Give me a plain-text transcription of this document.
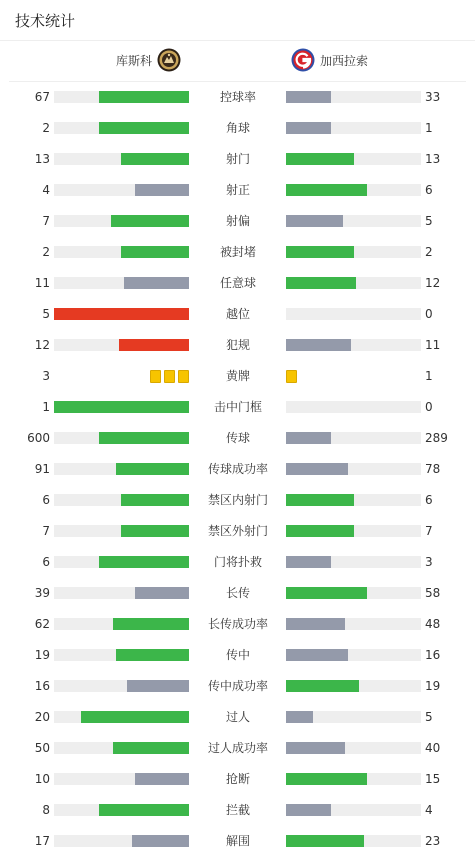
技术统计
库斯科	加西拉索
67	控球率	33
2	角球	1
13	射门	13
4	射正	6
7	射偏	5
2	被封堵	2
11	任意球	12
5	越位	0
12	犯规	11
3	黄牌	1
1	击中门框	0
600	传球	289
91	传球成功率	78
6	禁区内射门	6
7	禁区外射门	7
6	门将扑救	3
39	长传	58
62	长传成功率	48
19	传中	16
16	传中成功率	19
20	过人	5
50	过人成功率	40
10	抢断	15
8	拦截	4
17	解围	23
